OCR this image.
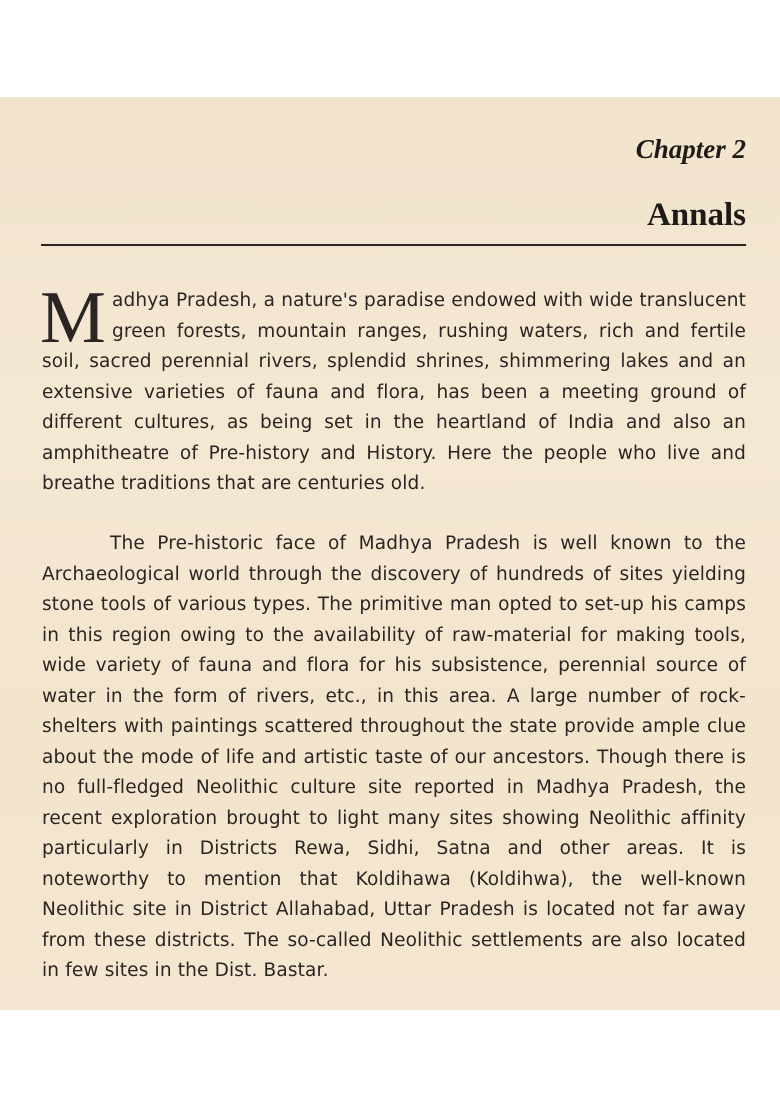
Chapter 2
Annals

Madhya Pradesh, a nature's paradise endowed with wide translucent green forests, mountain ranges, rushing waters, rich and fertile soil, sacred perennial rivers, splendid shrines, shimmering lakes and an extensive varieties of fauna and flora, has been a meeting ground of different cultures, as being set in the heartland of India and also an amphitheatre of Pre-history and History. Here the people who live and breathe traditions that are centuries old.

The Pre-historic face of Madhya Pradesh is well known to the Archaeological world through the discovery of hundreds of sites yielding stone tools of various types. The primitive man opted to set-up his camps in this region owing to the availability of raw-material for making tools, wide variety of fauna and flora for his subsistence, perennial source of water in the form of rivers, etc., in this area. A large number of rock-shelters with paintings scattered throughout the state provide ample clue about the mode of life and artistic taste of our ancestors. Though there is no full-fledged Neolithic culture site reported in Madhya Pradesh, the recent exploration brought to light many sites showing Neolithic affinity particularly in Districts Rewa, Sidhi, Satna and other areas. It is noteworthy to mention that Koldihawa (Koldihwa), the well-known Neolithic site in District Allahabad, Uttar Pradesh is located not far away from these districts. The so-called Neolithic settlements are also located in few sites in the Dist. Bastar.
